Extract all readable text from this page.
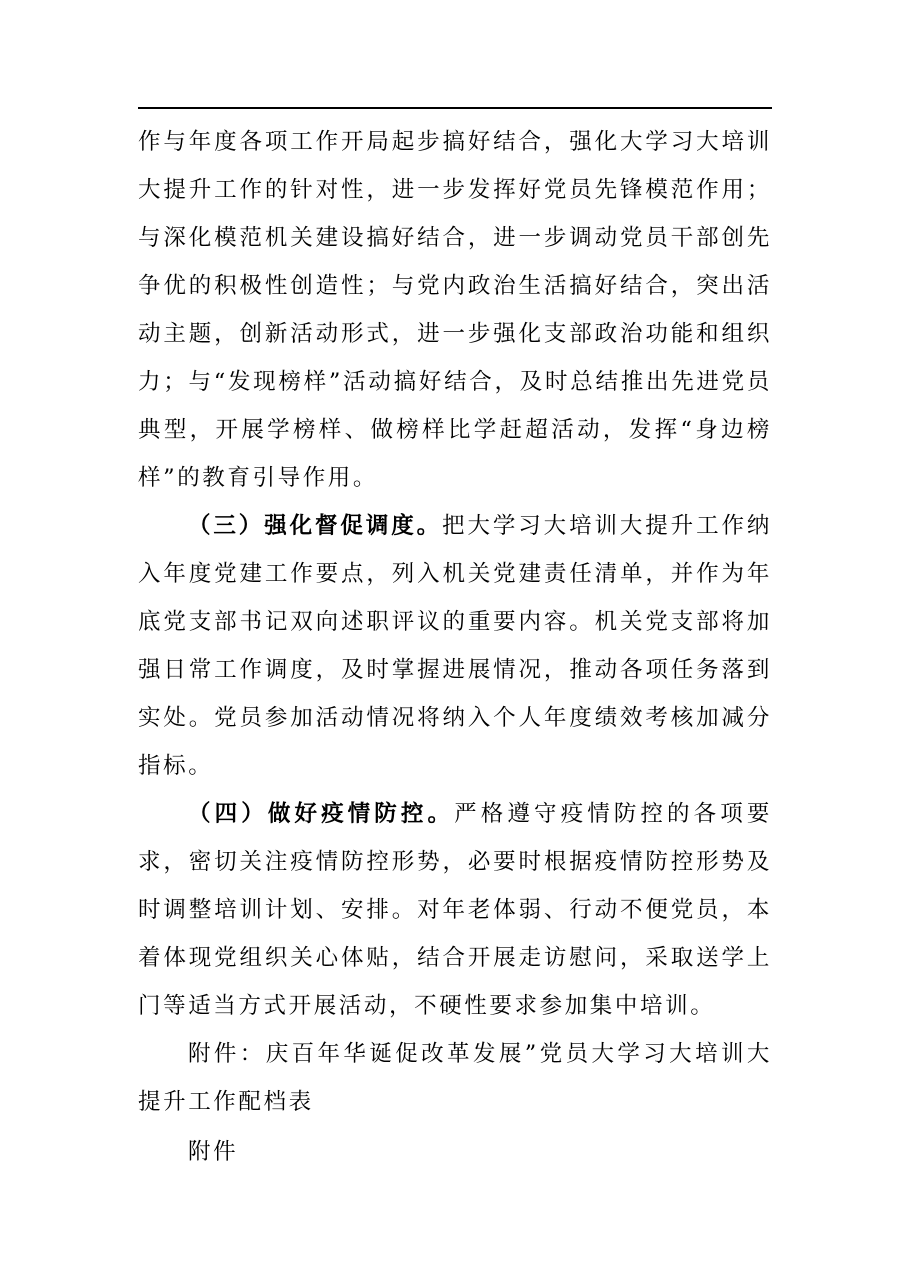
作与年度各项工作开局起步搞好结合，强化大学习大培训大提升工作的针对性，进一步发挥好党员先锋模范作用；与深化模范机关建设搞好结合，进一步调动党员干部创先争优的积极性创造性；与党内政治生活搞好结合，突出活动主题，创新活动形式，进一步强化支部政治功能和组织力；与“发现榜样”活动搞好结合，及时总结推出先进党员典型，开展学榜样、做榜样比学赶超活动，发挥“身边榜样”的教育引导作用。

（三）强化督促调度。把大学习大培训大提升工作纳入年度党建工作要点，列入机关党建责任清单，并作为年底党支部书记双向述职评议的重要内容。机关党支部将加强日常工作调度，及时掌握进展情况，推动各项任务落到实处。党员参加活动情况将纳入个人年度绩效考核加减分指标。

（四）做好疫情防控。严格遵守疫情防控的各项要求，密切关注疫情防控形势，必要时根据疫情防控形势及时调整培训计划、安排。对年老体弱、行动不便党员，本着体现党组织关心体贴，结合开展走访慰问，采取送学上门等适当方式开展活动，不硬性要求参加集中培训。

附件：庆百年华诞促改革发展”党员大学习大培训大提升工作配档表

附件
